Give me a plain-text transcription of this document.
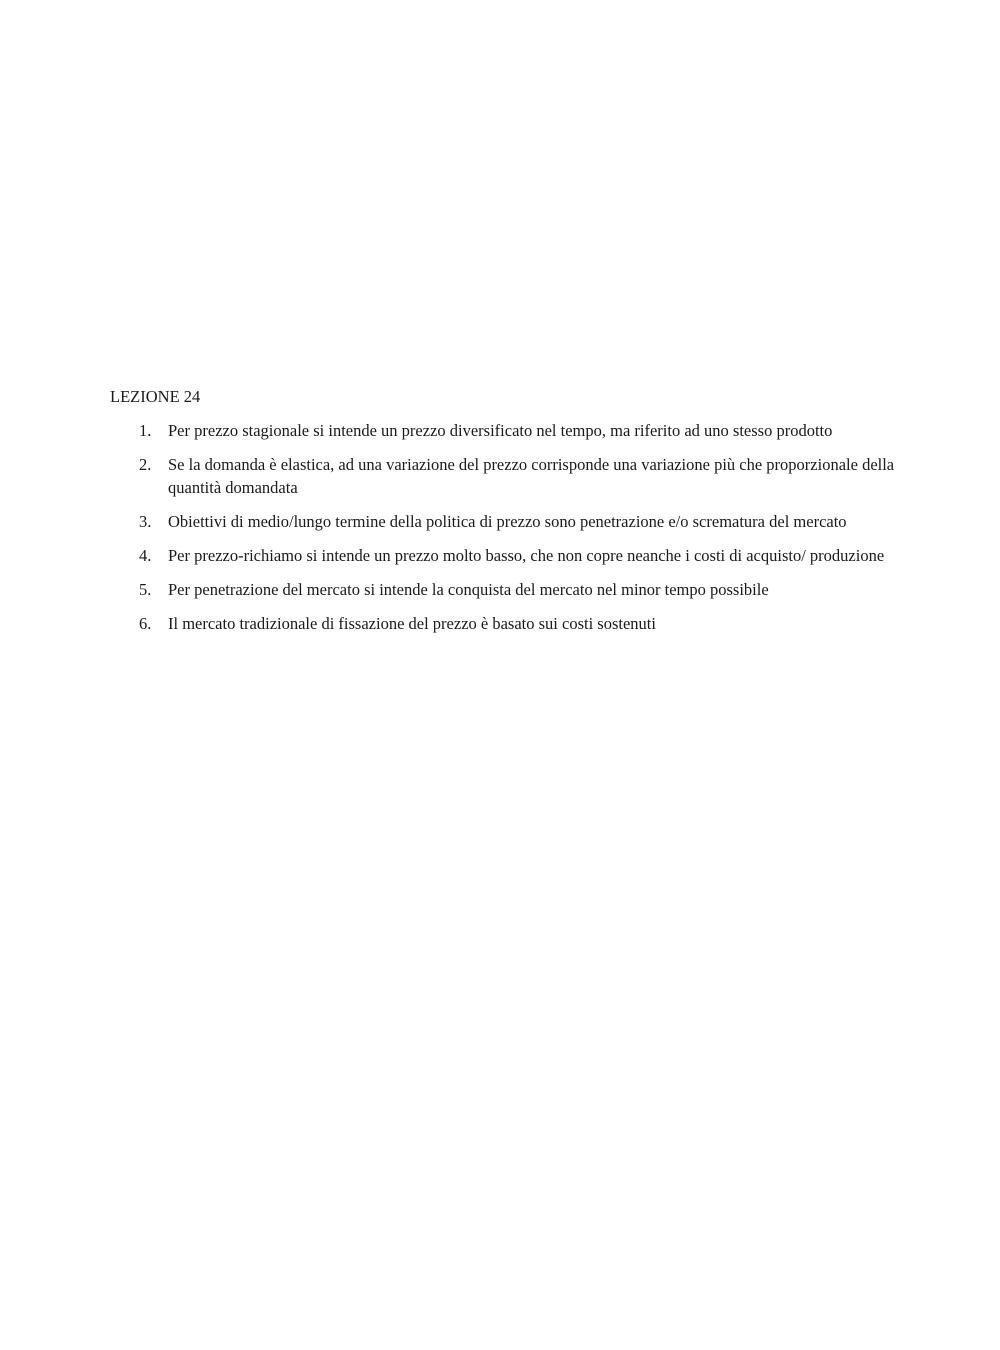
LEZIONE 24
1. Per prezzo stagionale si intende un prezzo diversificato nel tempo, ma riferito ad uno stesso prodotto
2. Se la domanda è elastica, ad una variazione del prezzo corrisponde una variazione più che proporzionale della quantità domandata
3. Obiettivi di medio/lungo termine della politica di prezzo sono penetrazione e/o scrematura del mercato
4. Per prezzo-richiamo si intende un prezzo molto basso, che non copre neanche i costi di acquisto/ produzione
5. Per penetrazione del mercato si intende la conquista del mercato nel minor tempo possibile
6. Il mercato tradizionale di fissazione del prezzo è basato sui costi sostenuti
